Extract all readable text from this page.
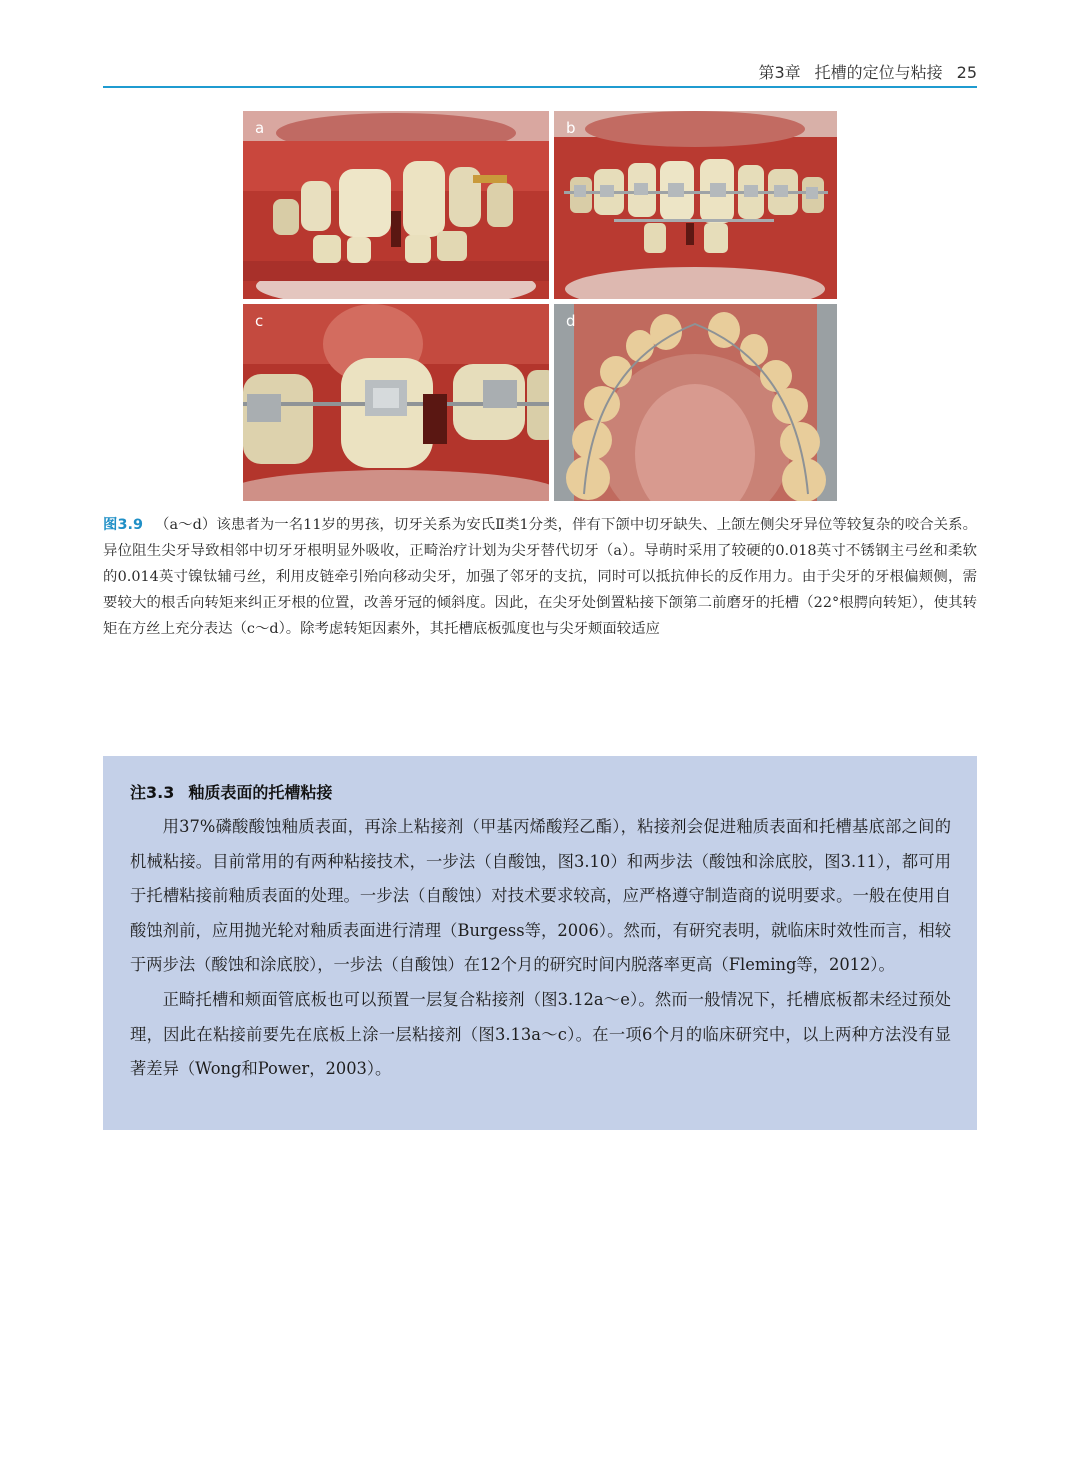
第3章 托槽的定位与粘接 25
a	b
c	d
图3.9 （a～d）该患者为一名11岁的男孩，切牙关系为安氏Ⅱ类1分类，伴有下颌中切牙缺失、上颌左侧尖牙异位等较复杂的咬合关系。异位阻生尖牙导致相邻中切牙牙根明显外吸收，正畸治疗计划为尖牙替代切牙（a）。导萌时采用了较硬的0.018英寸不锈钢主弓丝和柔软的0.014英寸镍钛辅弓丝，利用皮链牵引殆向移动尖牙，加强了邻牙的支抗，同时可以抵抗伸长的反作用力。由于尖牙的牙根偏颊侧，需要较大的根舌向转矩来纠正牙根的位置，改善牙冠的倾斜度。因此，在尖牙处倒置粘接下颌第二前磨牙的托槽（22°根腭向转矩），使其转矩在方丝上充分表达（c～d）。除考虑转矩因素外，其托槽底板弧度也与尖牙颊面较适应
注3.3 釉质表面的托槽粘接

用37%磷酸酸蚀釉质表面，再涂上粘接剂（甲基丙烯酸羟乙酯），粘接剂会促进釉质表面和托槽基底部之间的机械粘接。目前常用的有两种粘接技术，一步法（自酸蚀，图3.10）和两步法（酸蚀和涂底胶，图3.11），都可用于托槽粘接前釉质表面的处理。一步法（自酸蚀）对技术要求较高，应严格遵守制造商的说明要求。一般在使用自酸蚀剂前，应用抛光轮对釉质表面进行清理（Burgess等，2006）。然而，有研究表明，就临床时效性而言，相较于两步法（酸蚀和涂底胶），一步法（自酸蚀）在12个月的研究时间内脱落率更高（Fleming等，2012）。

正畸托槽和颊面管底板也可以预置一层复合粘接剂（图3.12a～e）。然而一般情况下，托槽底板都未经过预处理，因此在粘接前要先在底板上涂一层粘接剂（图3.13a～c）。在一项6个月的临床研究中，以上两种方法没有显著差异（Wong和Power，2003）。
